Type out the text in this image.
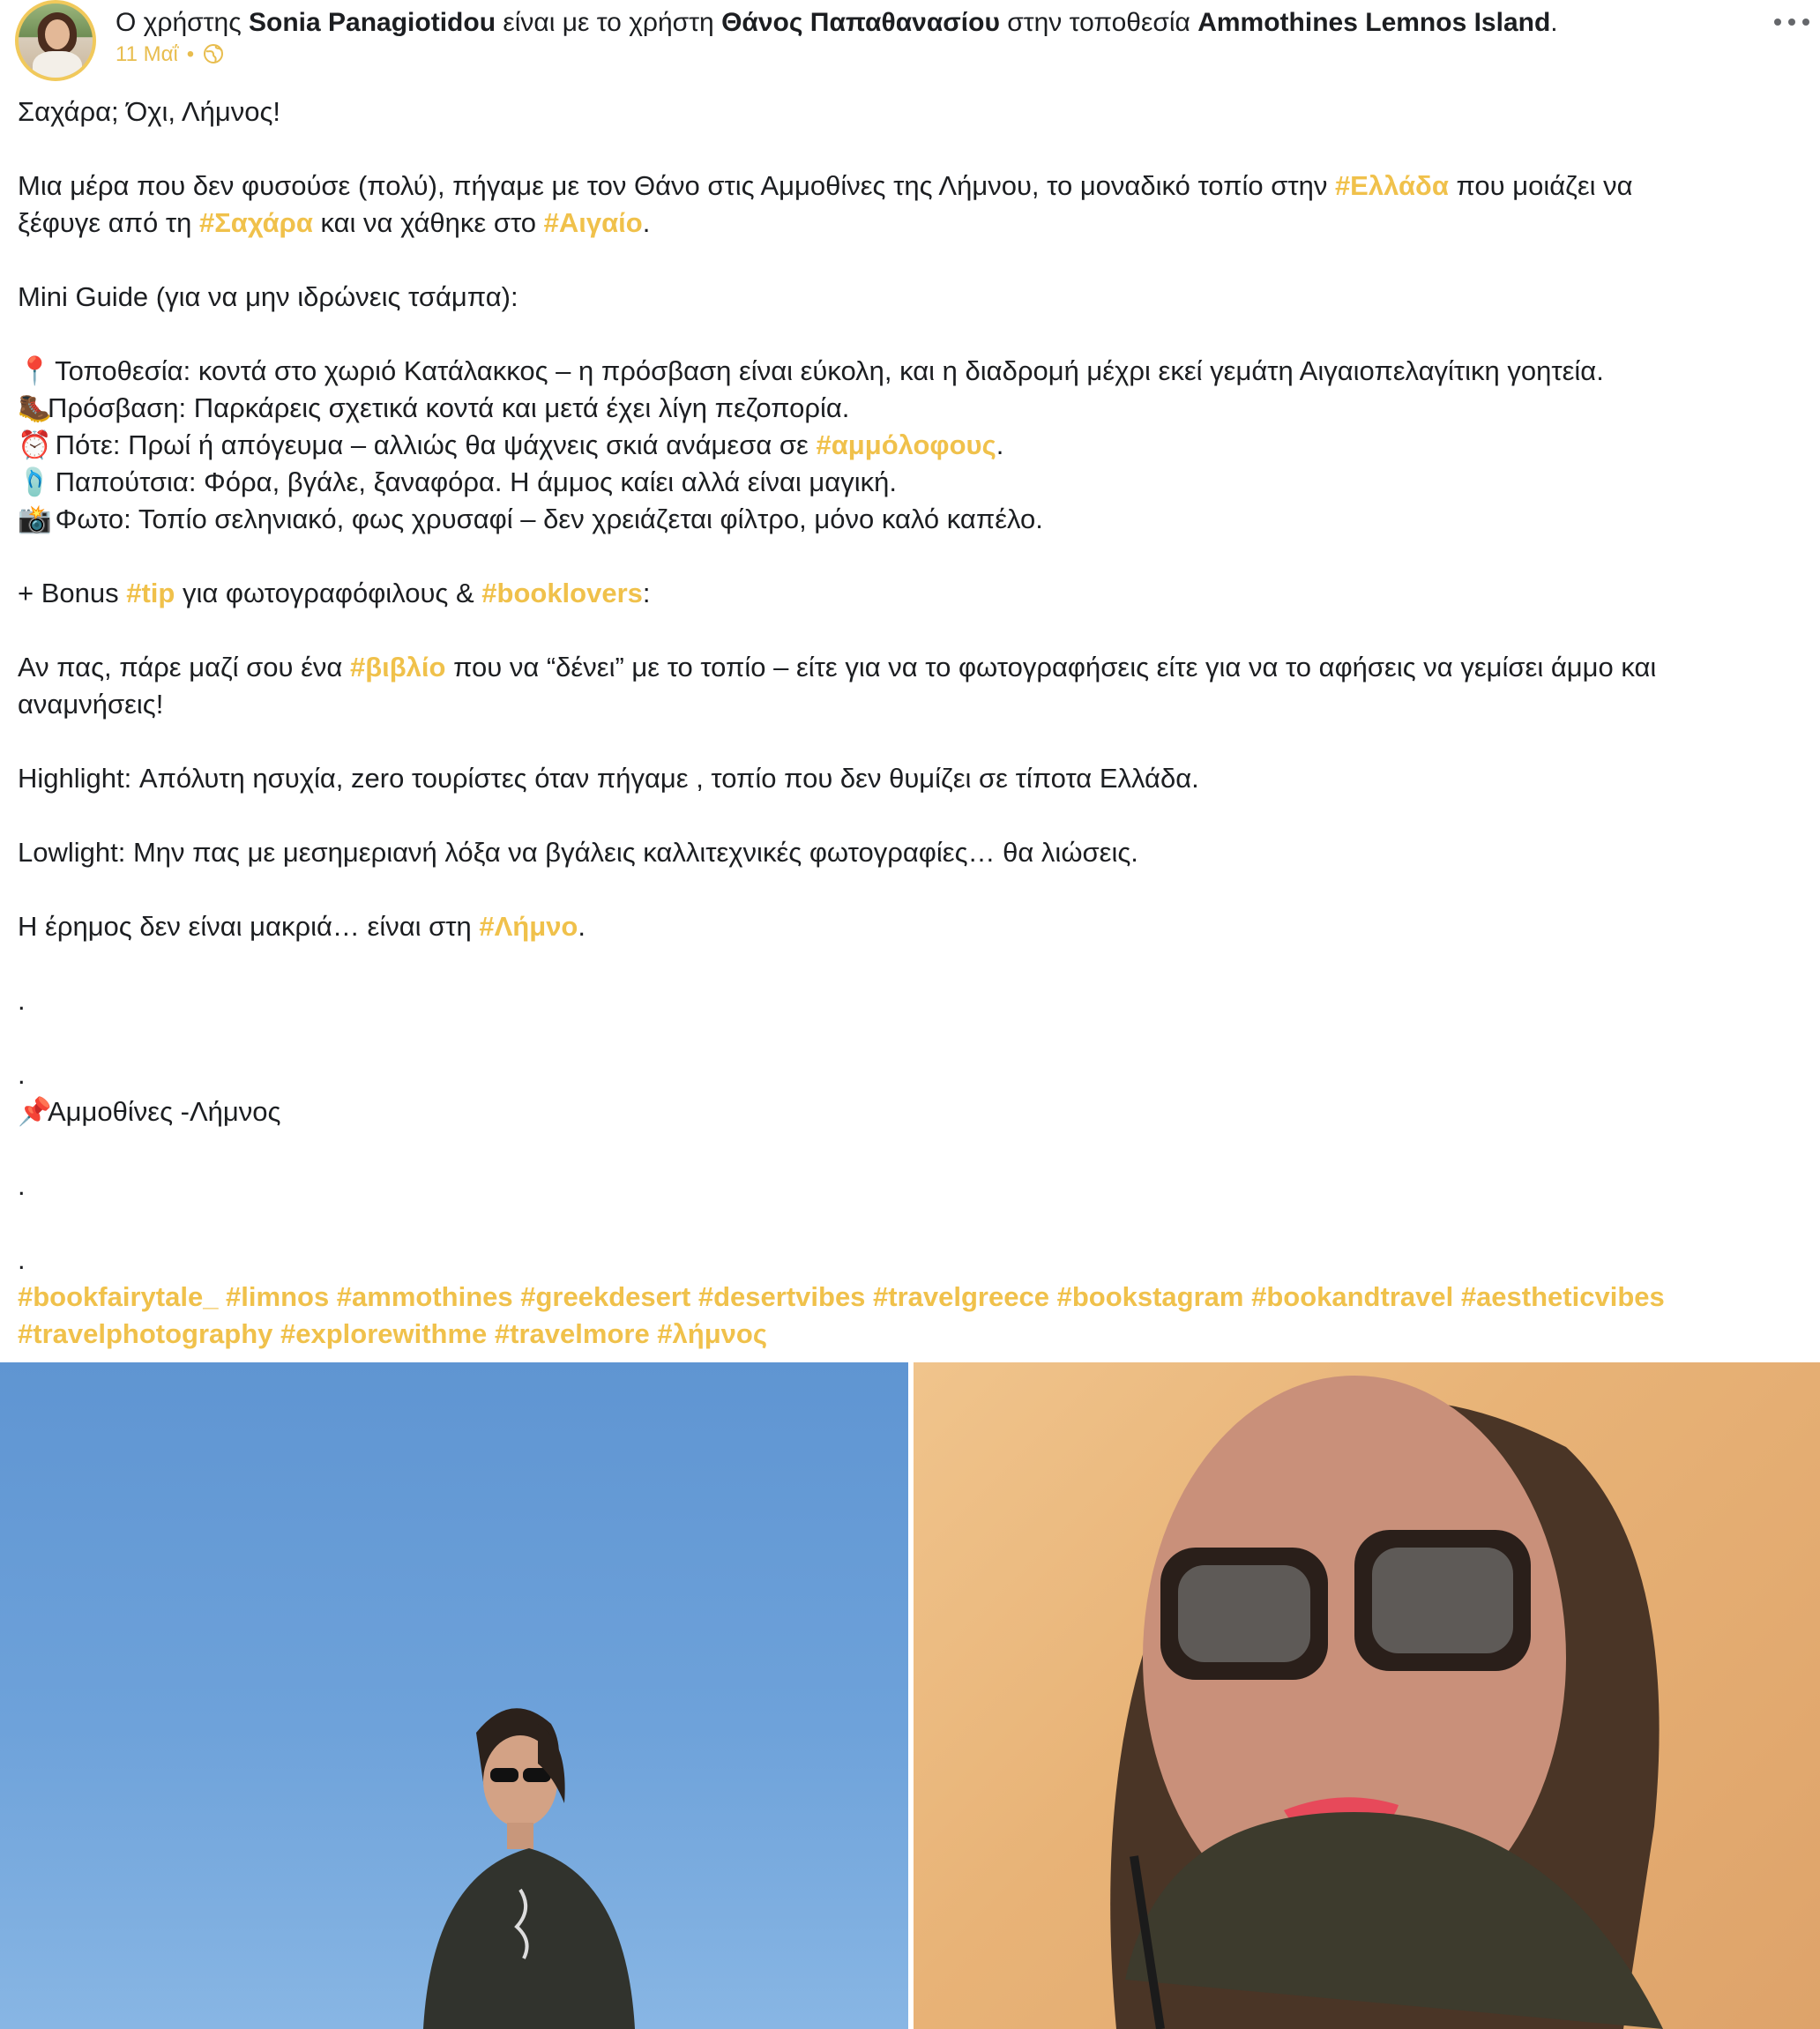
Ο χρήστης Sonia Panagiotidou είναι με το χρήστη Θάνος Παπαθανασίου στην τοποθεσία Ammothines Lemnos Island.
11 Μαΐ •

Σαχάρα; Όχι, Λήμνος!

Μια μέρα που δεν φυσούσε (πολύ), πήγαμε με τον Θάνο στις Αμμοθίνες της Λήμνου, το μοναδικό τοπίο στην #Ελλάδα που μοιάζει να

ξέφυγε από τη #Σαχάρα και να χάθηκε στο #Αιγαίο.

Mini Guide (για να μην ιδρώνεις τσάμπα):

📍 Τοποθεσία: κοντά στο χωριό Κατάλακκος – η πρόσβαση είναι εύκολη, και η διαδρομή μέχρι εκεί γεμάτη Αιγαιοπελαγίτικη γοητεία.

🥾Πρόσβαση: Παρκάρεις σχετικά κοντά και μετά έχει λίγη πεζοπορία.

⏰ Πότε: Πρωί ή απόγευμα – αλλιώς θα ψάχνεις σκιά ανάμεσα σε #αμμόλοφους.

🩴 Παπούτσια: Φόρα, βγάλε, ξαναφόρα. Η άμμος καίει αλλά είναι μαγική.

📸 Φωτο: Τοπίο σεληνιακό, φως χρυσαφί – δεν χρειάζεται φίλτρο, μόνο καλό καπέλο.

+ Bonus #tip για φωτογραφόφιλους & #booklovers:

Αν πας, πάρε μαζί σου ένα #βιβλίο που να “δένει” με το τοπίο – είτε για να το φωτογραφήσεις είτε για να το αφήσεις να γεμίσει άμμο και

αναμνήσεις!

Highlight: Απόλυτη ησυχία, zero τουρίστες όταν πήγαμε , τοπίο που δεν θυμίζει σε τίποτα Ελλάδα.

Lowlight: Μην πας με μεσημεριανή λόξα να βγάλεις καλλιτεχνικές φωτογραφίες… θα λιώσεις.

Η έρημος δεν είναι μακριά… είναι στη #Λήμνο.

.

.

📌Αμμοθίνες -Λήμνος

.

.

#bookfairytale_ #limnos #ammothines #greekdesert #desertvibes #travelgreece #bookstagram #bookandtravel #aestheticvibes

#travelphotography #explorewithme #travelmore #λήμνος
